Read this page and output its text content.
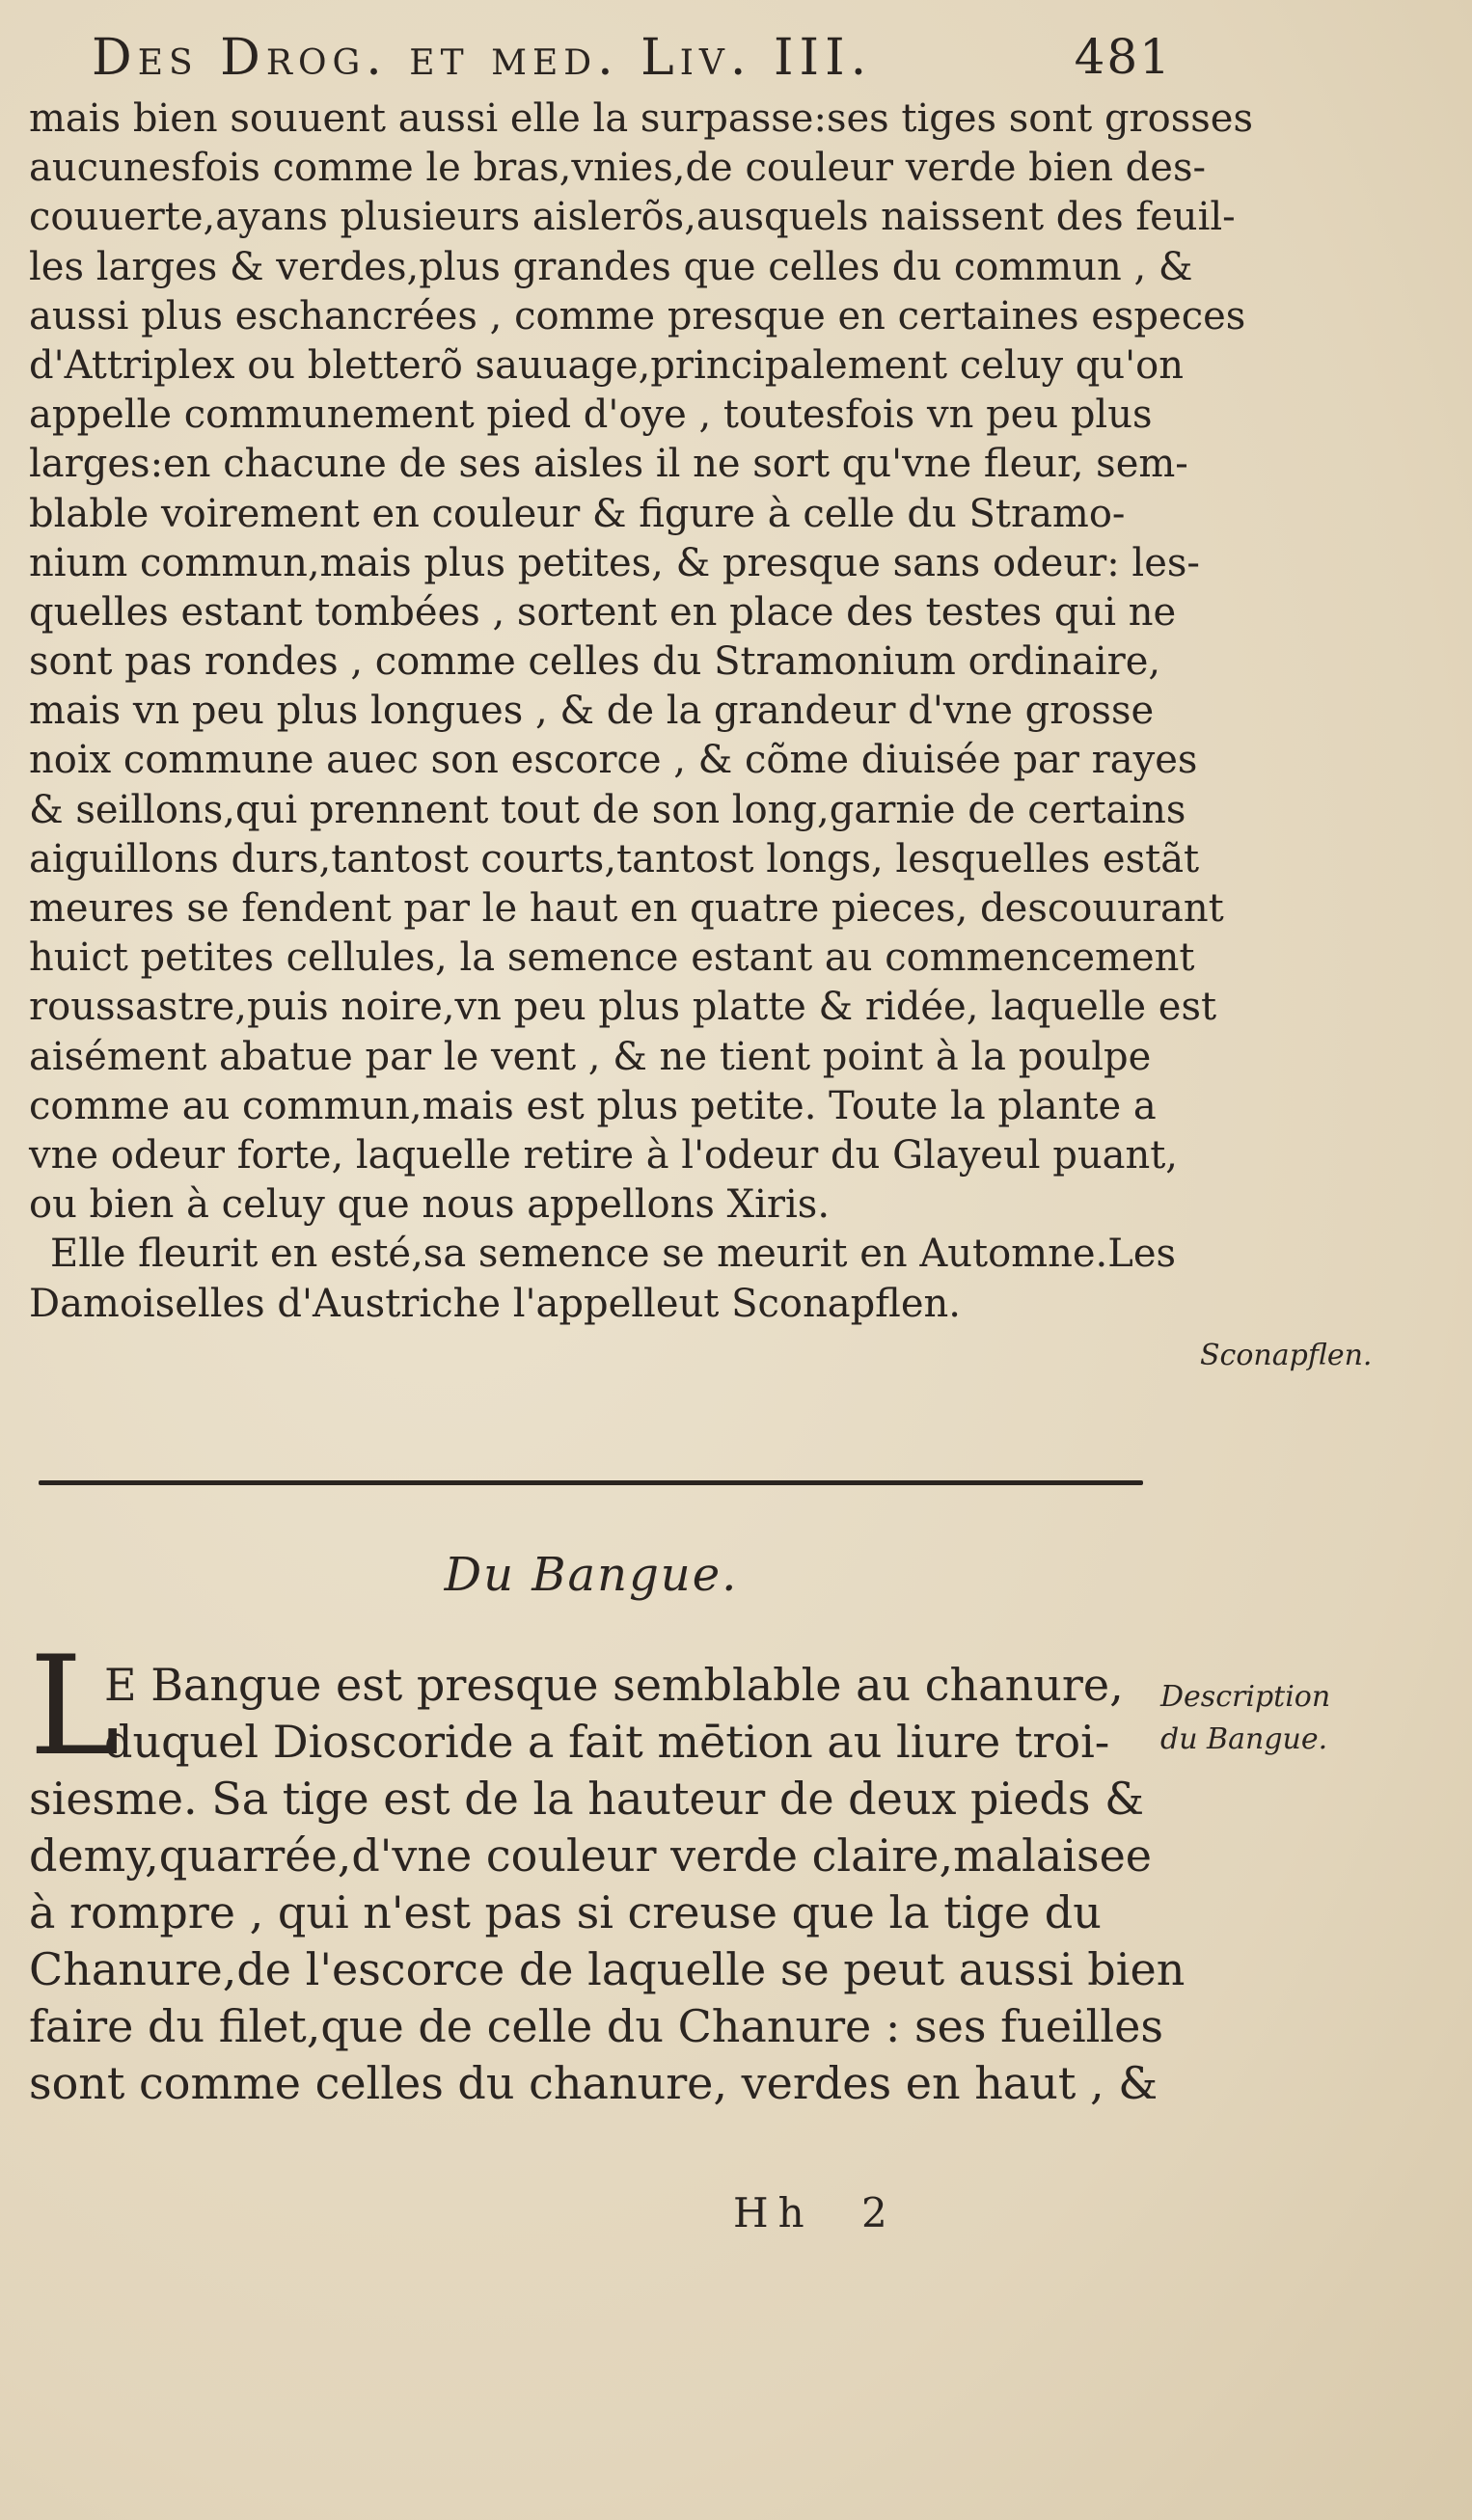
Des Drog. et med. Liv. III.	481
mais bien souuent aussi elle la surpasse:ses tiges sont grosses
aucunesfois comme le bras,vnies,de couleur verde bien des-
couuerte,ayans plusieurs aislerõs,ausquels naissent des feuil-
les larges & verdes,plus grandes que celles du commun , &
aussi plus eschancrées , comme presque en certaines especes
d'Attriplex ou bletterõ sauuage,principalement celuy qu'on
appelle communement pied d'oye , toutesfois vn peu plus
larges:en chacune de ses aisles il ne sort qu'vne fleur, sem-
blable voirement en couleur & figure à celle du Stramo-
nium commun,mais plus petites, & presque sans odeur: les-
quelles estant tombées , sortent en place des testes qui ne
sont pas rondes , comme celles du Stramonium ordinaire,
mais vn peu plus longues , & de la grandeur d'vne grosse
noix commune auec son escorce , & cõme diuisée par rayes
& seillons,qui prennent tout de son long,garnie de certains
aiguillons durs,tantost courts,tantost longs, lesquelles estãt
meures se fendent par le haut en quatre pieces, descouurant
huict petites cellules, la semence estant au commencement
roussastre,puis noire,vn peu plus platte & ridée, laquelle est
aisément abatue par le vent , & ne tient point à la poulpe
comme au commun,mais est plus petite. Toute la plante a
vne odeur forte, laquelle retire à l'odeur du Glayeul puant,
ou bien à celuy que nous appellons Xiris.
Elle fleurit en esté,sa semence se meurit en Automne.Les
Damoiselles d'Austriche l'appelleut Sconapflen.
Sconapflen.
Du Bangue.
L
E Bangue est presque semblable au chanure,
duquel Dioscoride a fait mētion au liure troi-
siesme. Sa tige est de la hauteur de deux pieds &
demy,quarrée,d'vne couleur verde claire,malaisee
à rompre , qui n'est pas si creuse que la tige du
Chanure,de l'escorce de laquelle se peut aussi bien
faire du filet,que de celle du Chanure : ses fueilles
sont comme celles du chanure, verdes en haut , &
Description
du Bangue.
Hh 2
